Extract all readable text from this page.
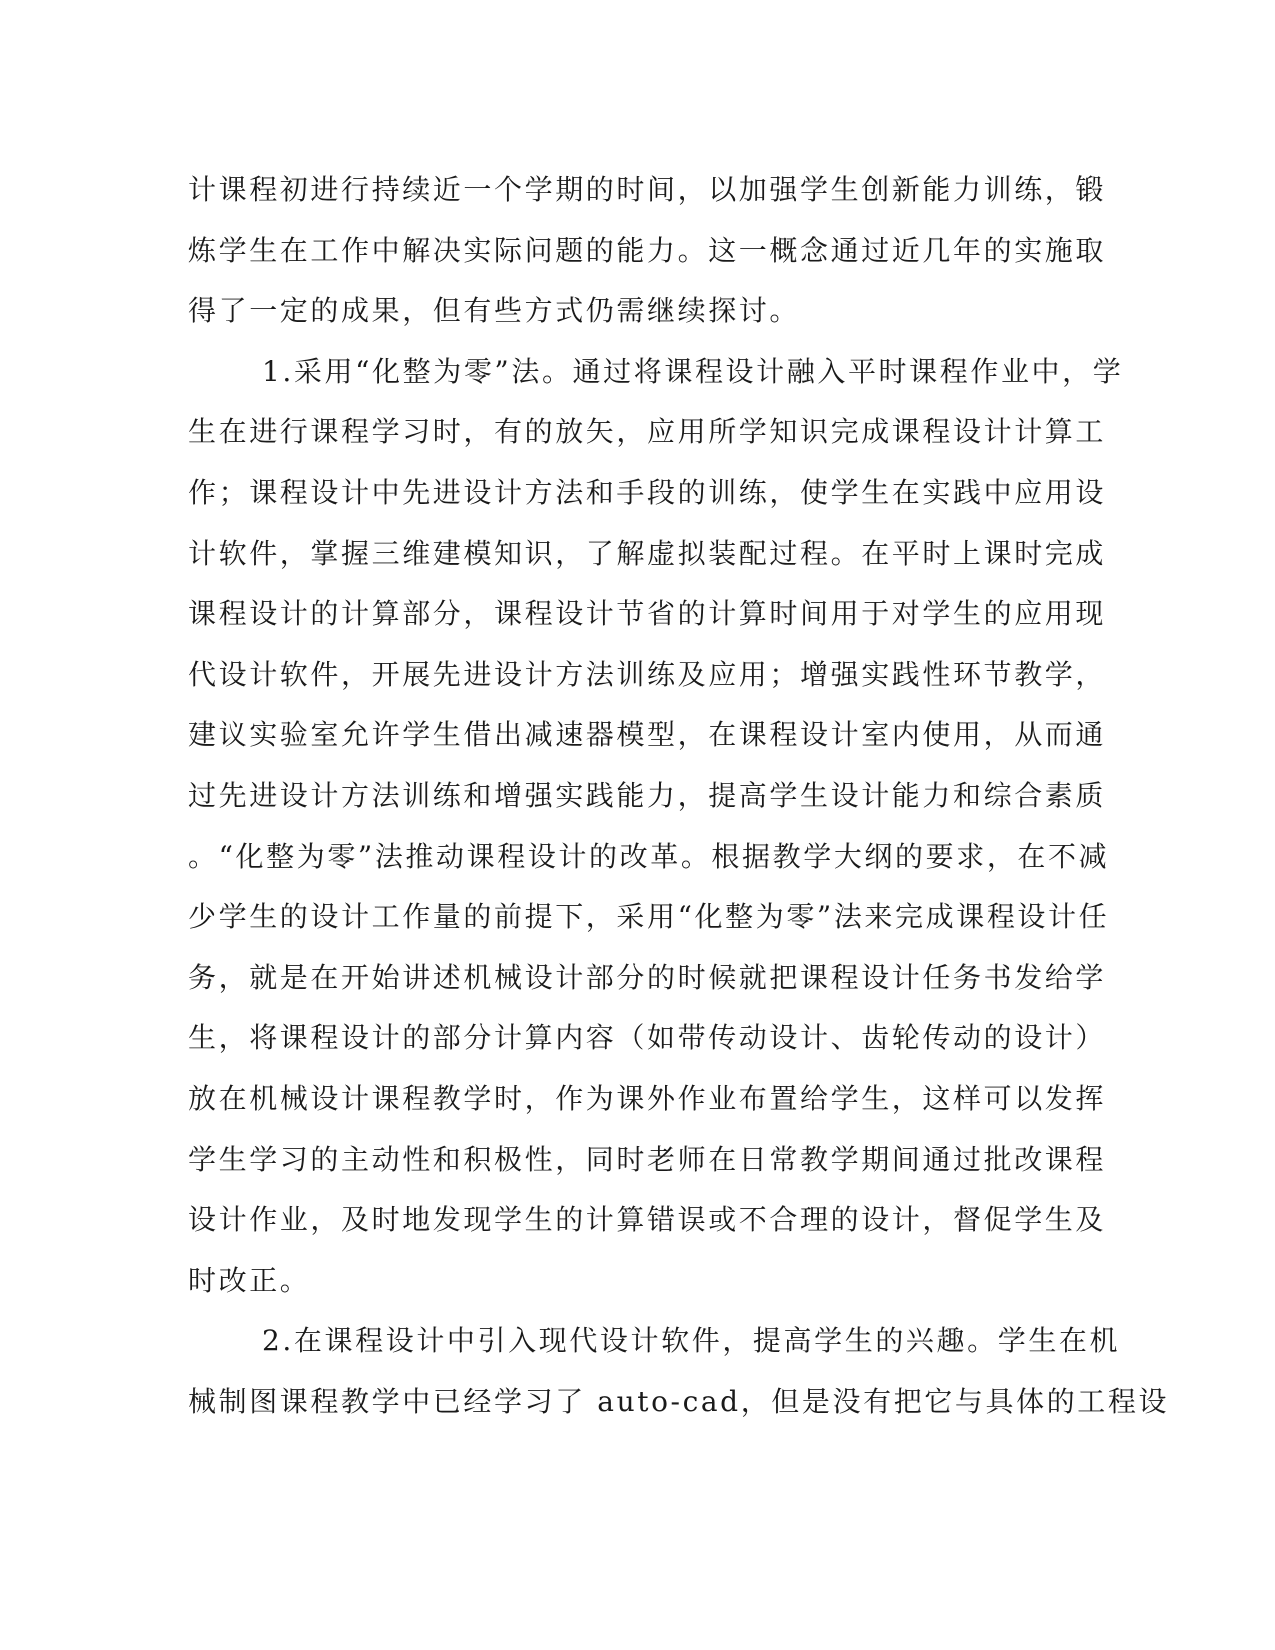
计课程初进行持续近一个学期的时间，以加强学生创新能力训练，锻
炼学生在工作中解决实际问题的能力。这一概念通过近几年的实施取
得了一定的成果，但有些方式仍需继续探讨。
1.采用“化整为零”法。通过将课程设计融入平时课程作业中，学
生在进行课程学习时，有的放矢，应用所学知识完成课程设计计算工
作；课程设计中先进设计方法和手段的训练，使学生在实践中应用设
计软件，掌握三维建模知识，了解虚拟装配过程。在平时上课时完成
课程设计的计算部分，课程设计节省的计算时间用于对学生的应用现
代设计软件，开展先进设计方法训练及应用；增强实践性环节教学，
建议实验室允许学生借出减速器模型，在课程设计室内使用，从而通
过先进设计方法训练和增强实践能力，提高学生设计能力和综合素质
。“化整为零”法推动课程设计的改革。根据教学大纲的要求，在不减
少学生的设计工作量的前提下，采用“化整为零”法来完成课程设计任
务，就是在开始讲述机械设计部分的时候就把课程设计任务书发给学
生，将课程设计的部分计算内容（如带传动设计、齿轮传动的设计）
放在机械设计课程教学时，作为课外作业布置给学生，这样可以发挥
学生学习的主动性和积极性，同时老师在日常教学期间通过批改课程
设计作业，及时地发现学生的计算错误或不合理的设计，督促学生及
时改正。
2.在课程设计中引入现代设计软件，提高学生的兴趣。学生在机
械制图课程教学中已经学习了 auto-cad，但是没有把它与具体的工程设
